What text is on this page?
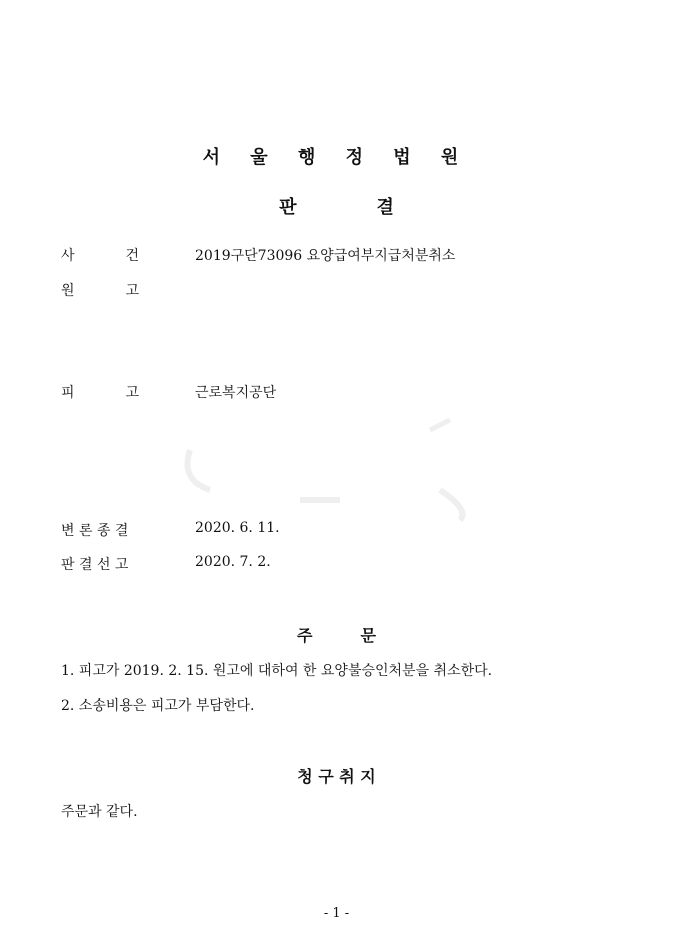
서 울 행 정 법 원
판	결
사	건	2019구단73096 요양급여부지급처분취소
원	고
피	고	근로복지공단
변 론 종 결	2020. 6. 11.
판 결 선 고	2020. 7. 2.
주	문
1. 피고가 2019. 2. 15. 원고에 대하여 한 요양불승인처분을 취소한다.
2. 소송비용은 피고가 부담한다.
청 구 취 지
주문과 같다.
- 1 -
